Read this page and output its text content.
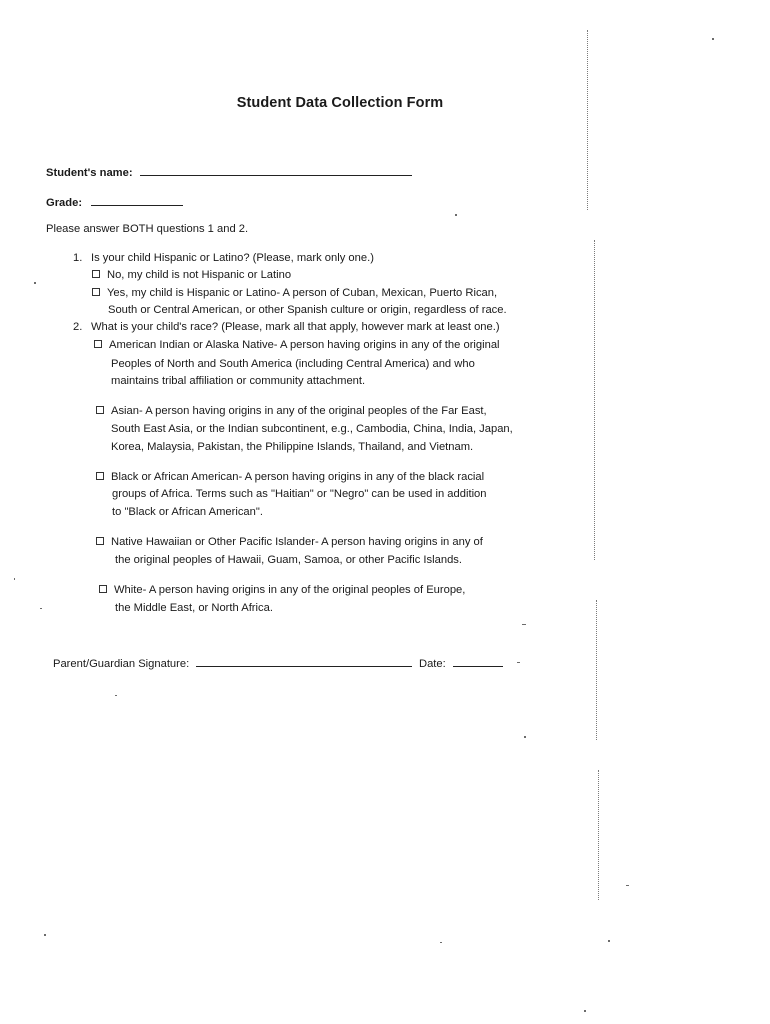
Student Data Collection Form
Student's name:
Grade:
Please answer BOTH questions 1 and 2.
1. Is your child Hispanic or Latino? (Please, mark only one.)
No, my child is not Hispanic or Latino
Yes, my child is Hispanic or Latino- A person of Cuban, Mexican, Puerto Rican,
South or Central American, or other Spanish culture or origin, regardless of race.
2. What is your child's race? (Please, mark all that apply, however mark at least one.)
American Indian or Alaska Native- A person having origins in any of the original
Peoples of North and South America (including Central America) and who
maintains tribal affiliation or community attachment.
Asian- A person having origins in any of the original peoples of the Far East,
South East Asia, or the Indian subcontinent, e.g., Cambodia, China, India, Japan,
Korea, Malaysia, Pakistan, the Philippine Islands, Thailand, and Vietnam.
Black or African American- A person having origins in any of the black racial
groups of Africa. Terms such as "Haitian" or "Negro" can be used in addition
to "Black or African American".
Native Hawaiian or Other Pacific Islander- A person having origins in any of
the original peoples of Hawaii, Guam, Samoa, or other Pacific Islands.
White- A person having origins in any of the original peoples of Europe,
the Middle East, or North Africa.
Parent/Guardian Signature:	Date:
